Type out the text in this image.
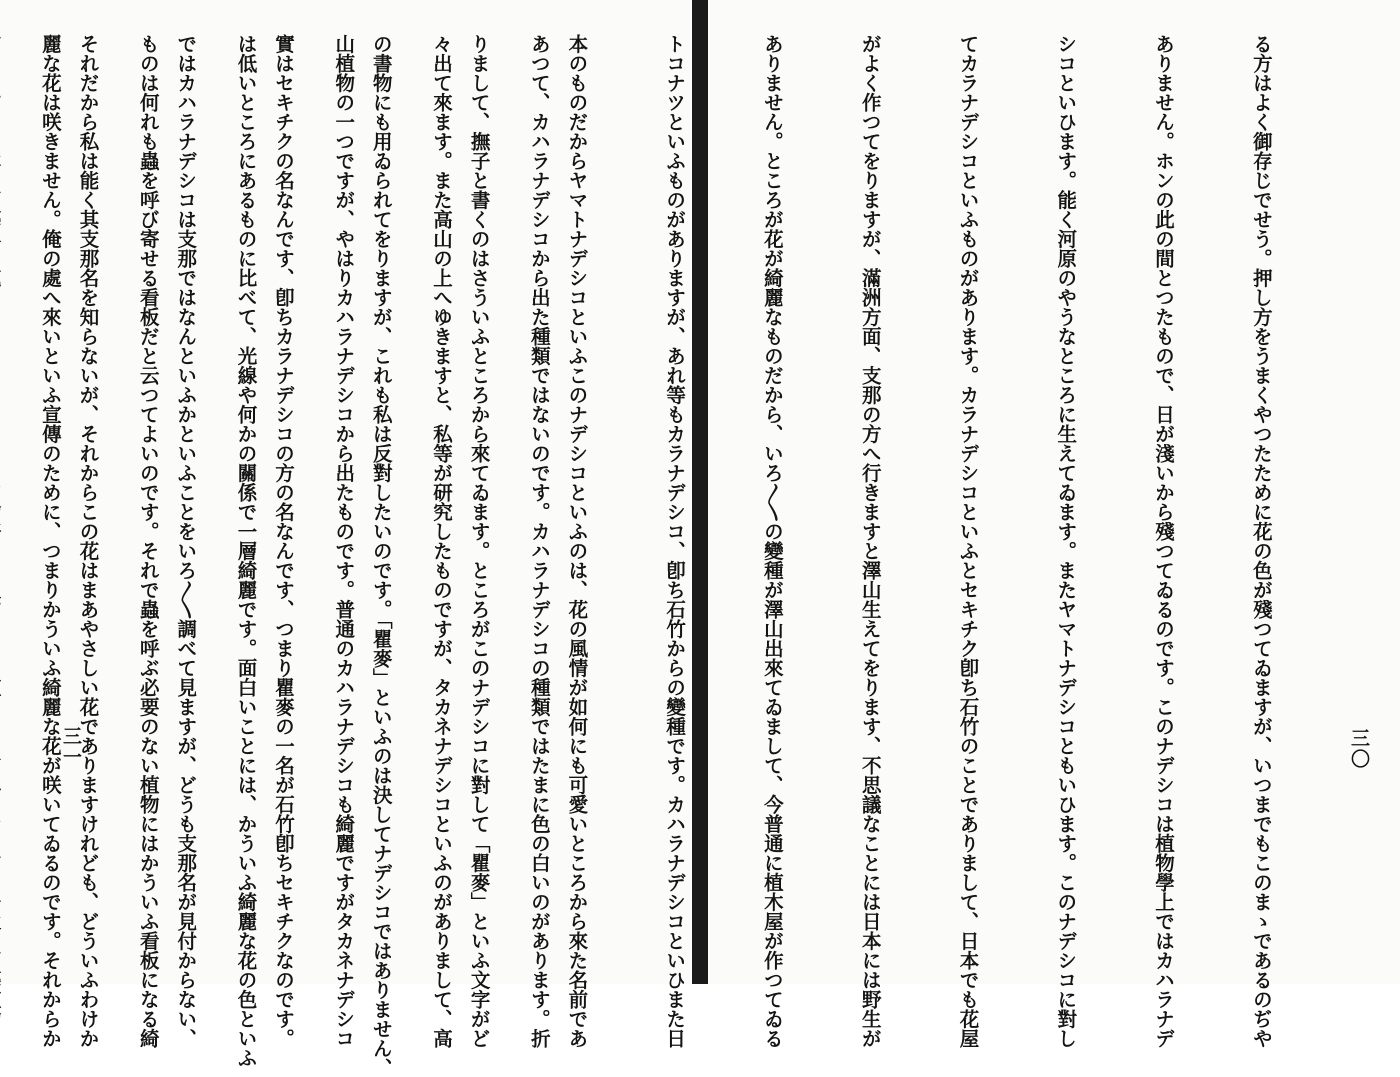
あつて、カハラナデシコから出た種類ではないのです。カハラナデシコの種類ではたまに色の白いのがあります。折

々出て來ます。また高山の上へゆきますと、私等が研究したものですが、タカネナデシコといふのがありまして、高

山植物の一つですが、やはりカハラナデシコから出たものです。普通のカハラナデシコも綺麗ですがタカネナデシコ

は低いところにあるものに比べて、光線や何かの關係で一層綺麗です。面白いことには、かういふ綺麗な花の色といふ

ものは何れも蟲を呼び寄せる看板だと云つてよいのです。それで蟲を呼ぶ必要のない植物にはかういふ看板になる綺

麗な花は咲きません。俺の處へ來いといふ宣傳のために、つまりかういふ綺麗な花が咲いてゐるのです。それからか

三一

	る方はよく御存じでせう。押し方をうまくやつたために花の色が殘つてゐますが、いつまでもこのまゝであるのぢや

ありません。ホンの此の間とつたもので、日が淺いから殘つてゐるのです。このナデシコは植物學上ではカハラナデ

シコといひます。能く河原のやうなところに生えてゐます。またヤマトナデシコともいひます。このナデシコに對し

てカラナデシコといふものがあります。カラナデシコといふとセキチク卽ち石竹のことでありまして、日本でも花屋

がよく作つてをりますが、滿洲方面、支那の方へ行きますと澤山生えてをります、不思議なことには日本には野生が

ありません。ところが花が綺麗なものだから、いろ〳〵の變種が澤山出來てゐまして、今普通に植木屋が作つてゐる

トコナツといふものがありますが、あれ等もカラナデシコ、卽ち石竹からの變種です。カハラナデシコといひまた日

本のものだからヤマトナデシコといふこのナデシコといふのは、花の風情が如何にも可愛いところから來た名前であ

りまして、撫子と書くのはさういふところから來てゐます。ところがこのナデシコに對して「瞿麥」といふ文字がど

の書物にも用ゐられてをりますが、これも私は反對したいのです。「瞿麥」といふのは決してナデシコではありません、

實はセキチクの名なんです、卽ちカラナデシコの方の名なんです、つまり瞿麥の一名が石竹卽ちセキチクなのです。

ではカハラナデシコは支那ではなんといふかといふことをいろ〳〵調べて見ますが、どうも支那名が見付からない、

それだから私は能く其支那名を知らないが、それからこの花はまあやさしい花でありますけれども、どういふわけか

	三〇
